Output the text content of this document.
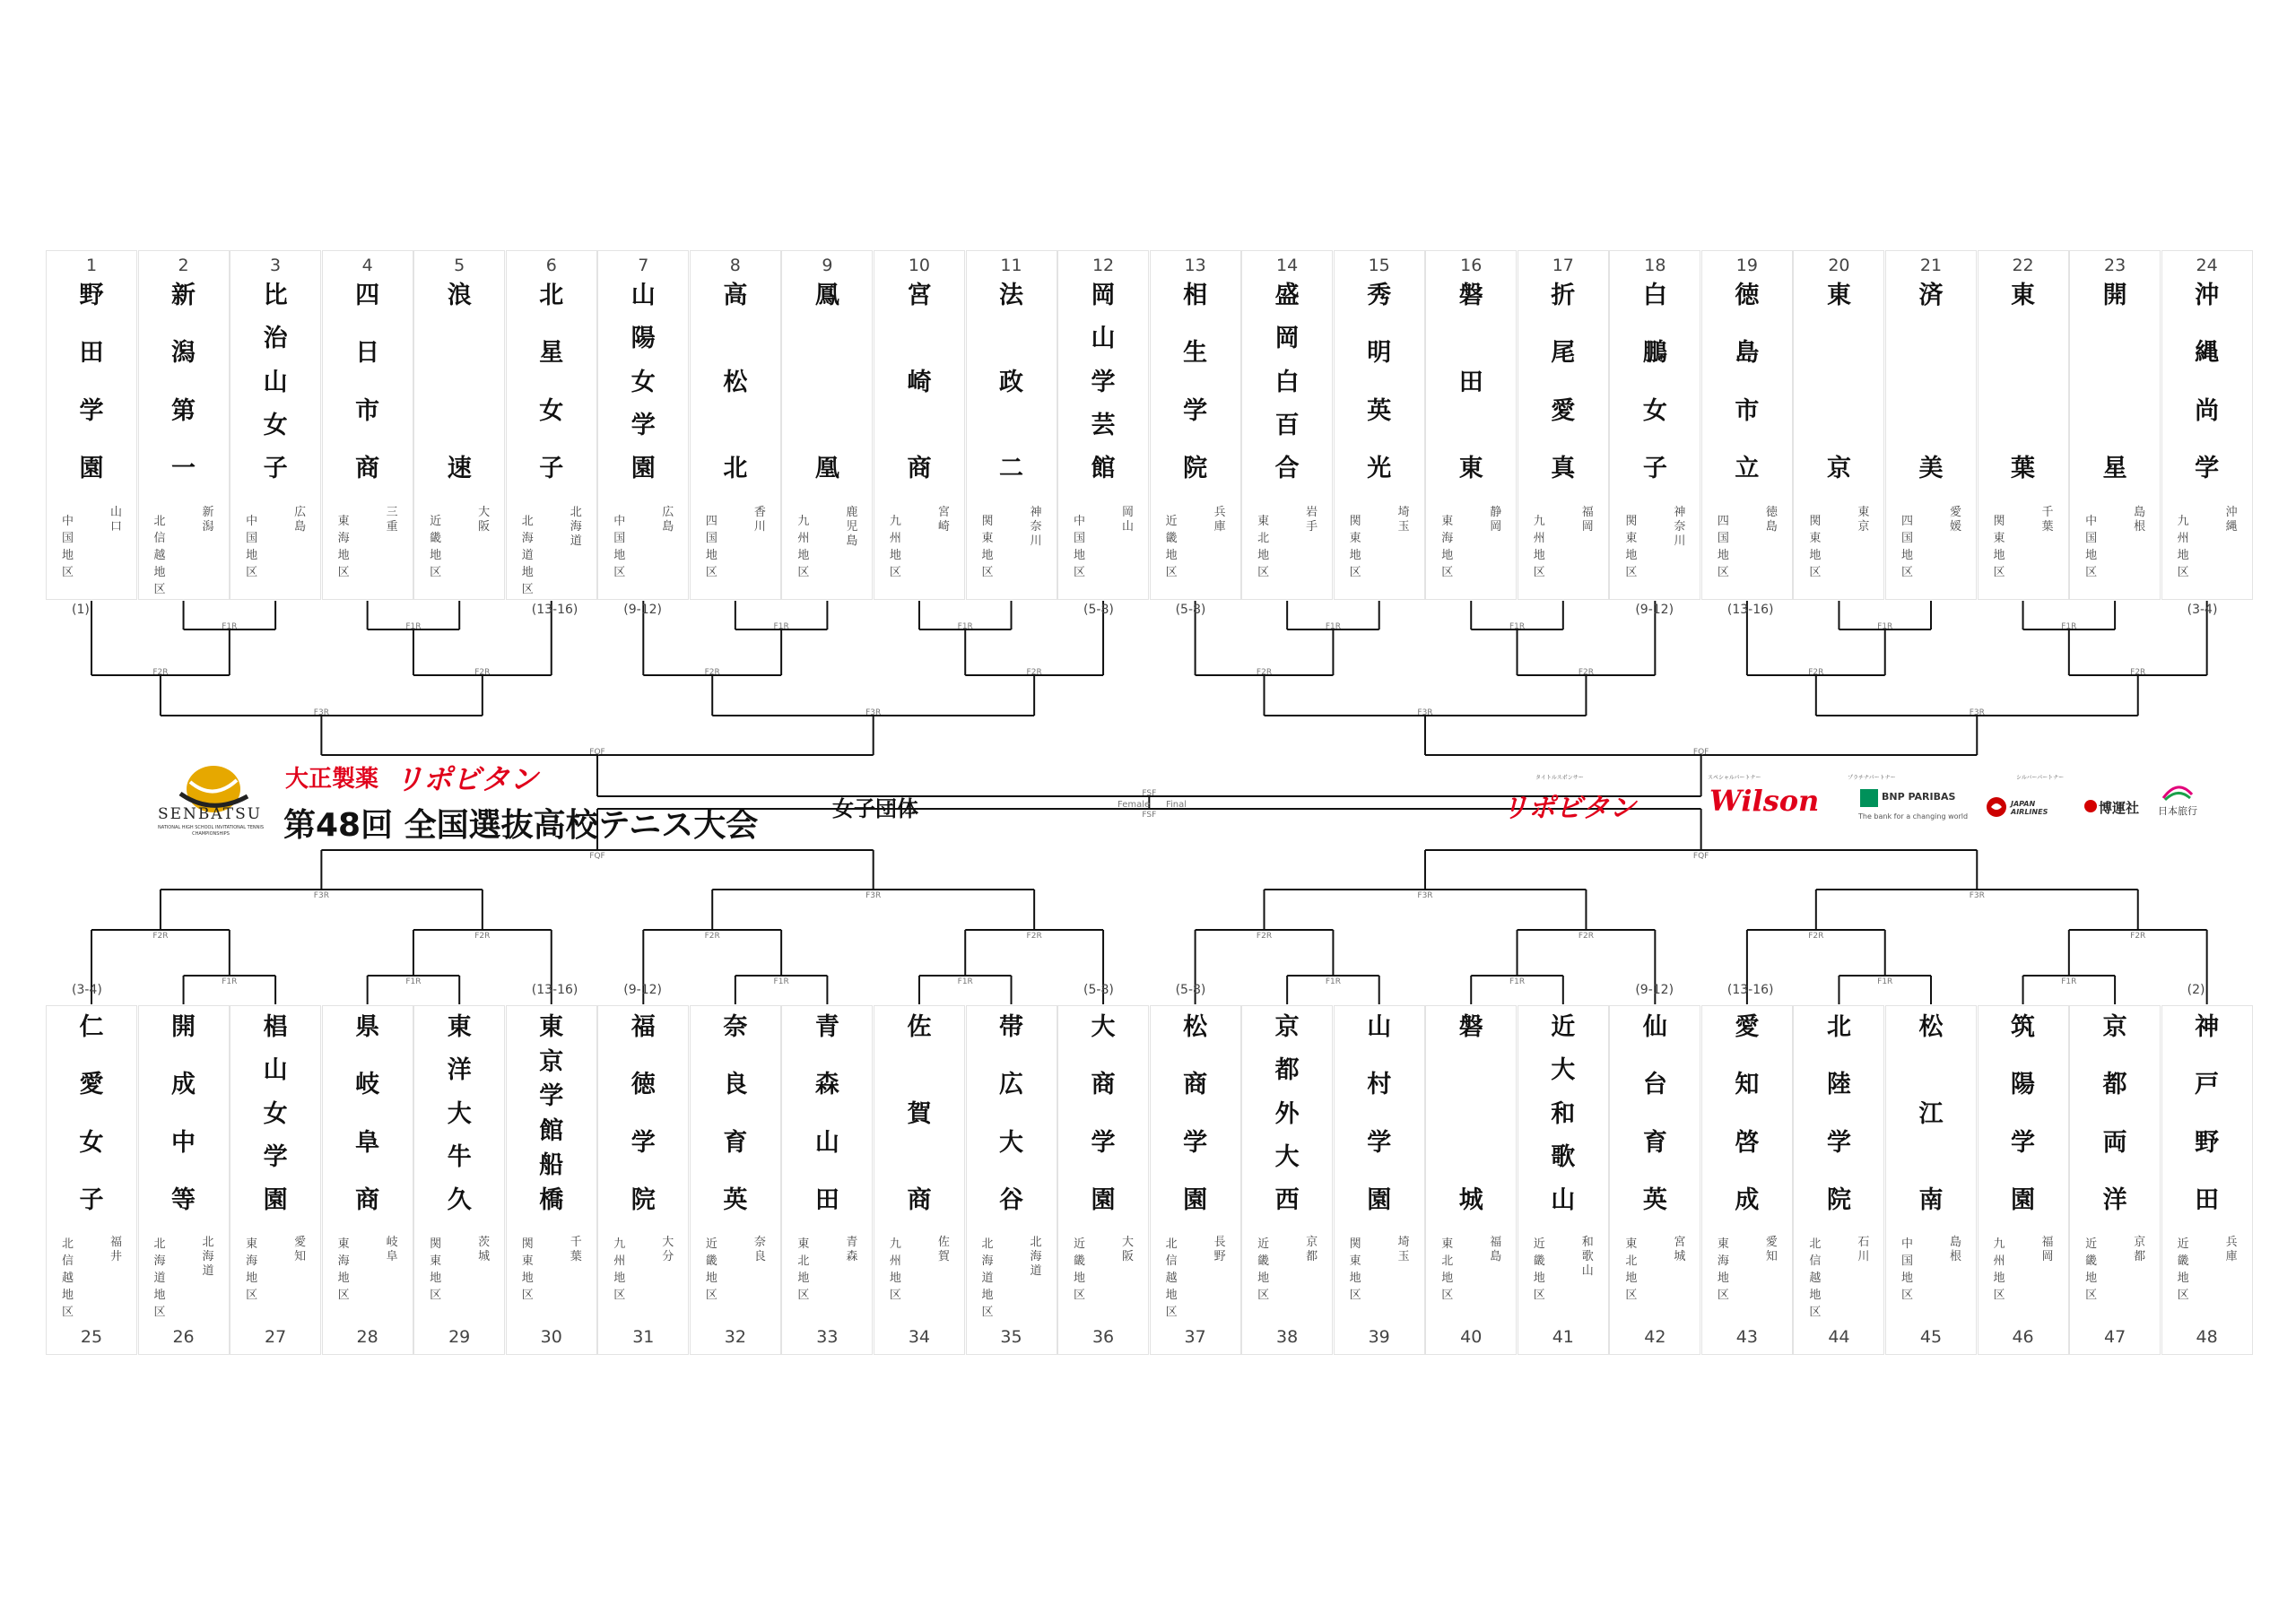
1
野
田
学
園
山口
中国地区
2
新
潟
第
一
新潟
北信越地区
3
比
治
山
女
子
広島
中国地区
4
四
日
市
商
三重
東海地区
5
浪
速
大阪
近畿地区
6
北
星
女
子
北海道
北海道地区
7
山
陽
女
学
園
広島
中国地区
8
高
松
北
香川
四国地区
9
鳳
凰
鹿児島
九州地区
10
宮
崎
商
宮崎
九州地区
11
法
政
二
神奈川
関東地区
12
岡
山
学
芸
館
岡山
中国地区
13
相
生
学
院
兵庫
近畿地区
14
盛
岡
白
百
合
岩手
東北地区
15
秀
明
英
光
埼玉
関東地区
16
磐
田
東
静岡
東海地区
17
折
尾
愛
真
福岡
九州地区
18
白
鵬
女
子
神奈川
関東地区
19
徳
島
市
立
徳島
四国地区
20
東
京
東京
関東地区
21
済
美
愛媛
四国地区
22
東
葉
千葉
関東地区
23
開
星
島根
中国地区
24
沖
縄
尚
学
沖縄
九州地区
25
仁
愛
女
子
福井
北信越地区
26
開
成
中
等
北海道
北海道地区
27
椙
山
女
学
園
愛知
東海地区
28
県
岐
阜
商
岐阜
東海地区
29
東
洋
大
牛
久
茨城
関東地区
30
東
京
学
館
船
橋
千葉
関東地区
31
福
徳
学
院
大分
九州地区
32
奈
良
育
英
奈良
近畿地区
33
青
森
山
田
青森
東北地区
34
佐
賀
商
佐賀
九州地区
35
帯
広
大
谷
北海道
北海道地区
36
大
商
学
園
大阪
近畿地区
37
松
商
学
園
長野
北信越地区
38
京
都
外
大
西
京都
近畿地区
39
山
村
学
園
埼玉
関東地区
40
磐
城
福島
東北地区
41
近
大
和
歌
山
和歌山
近畿地区
42
仙
台
育
英
宮城
東北地区
43
愛
知
啓
成
愛知
東海地区
44
北
陸
学
院
石川
北信越地区
45
松
江
南
島根
中国地区
46
筑
陽
学
園
福岡
九州地区
47
京
都
両
洋
京都
近畿地区
48
神
戸
野
田
兵庫
近畿地区
F1R
F2R
F1R
F2R
F3R
F1R
F2R
F1R
F2R
F3R
F1R
F2R
F1R
F2R
F3R
F1R
F2R
F1R
F2R
F3R
FQF	FQF
FSF
F1R
F2R
F1R
F2R
F3R
F1R
F2R
F1R
F2R
F3R
F1R
F2R
F1R
F2R
F3R
F1R
F2R
F1R
F2R
F3R
FQF	FQF
FSF
SENBATSU
NATIONAL HIGH SCHOOL INVITATIONAL TENNIS CHAMPIONSHIPS
大正製薬 リポビタン
第48回 全国選抜高校テニス大会	女子団体
タイトルスポンサー
リポビタン
スペシャルパートナー
Wilson
プラチナパートナー
BNP PARIBAS
The bank for a changing world
シルバーパートナー
JAPAN AIRLINES	博運社 日本旅行
Female Final
(1)	(13-16)	(9-12)	(5-8)	(5-8)	(9-12)	(13-16)	(3-4)
(3-4)	(13-16)	(9-12)	(5-8)	(5-8)	(9-12)	(13-16)	(2)
